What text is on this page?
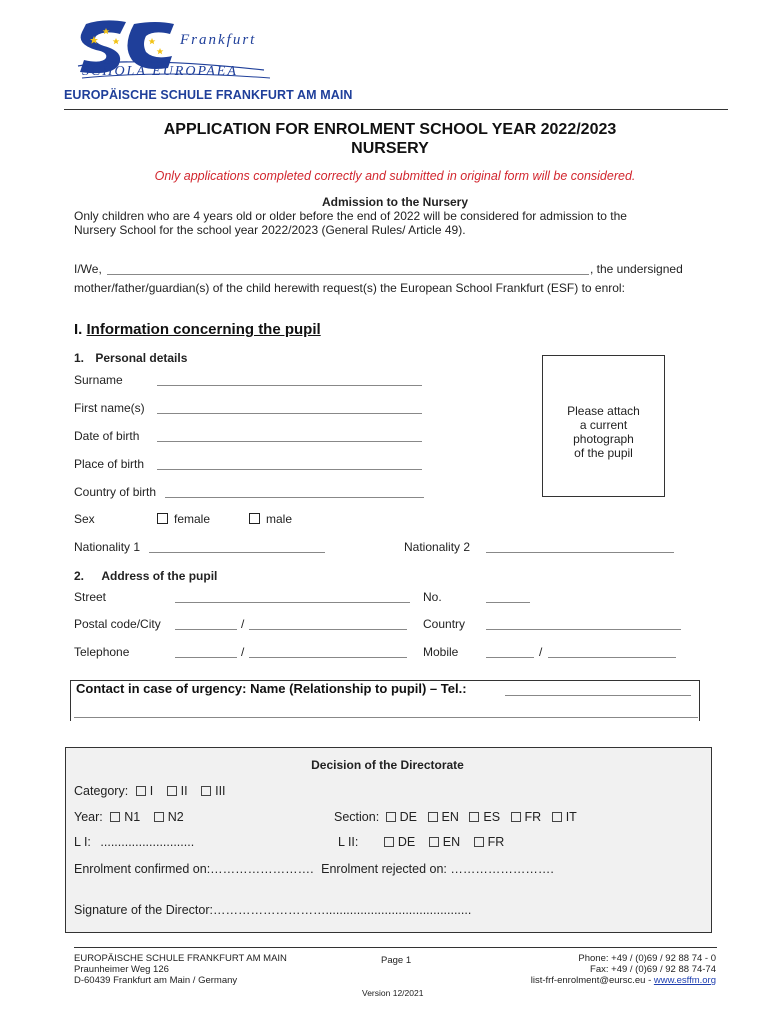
Frankfurt
SCHOLA EUROPAEA
EUROPÄISCHE SCHULE FRANKFURT AM MAIN
APPLICATION FOR ENROLMENT SCHOOL YEAR 2022/2023
NURSERY
Only applications completed correctly and submitted in original form will be considered.
Admission to the Nursery
Only children who are 4 years old or older before the end of 2022 will be considered for admission to the
Nursery School for the school year 2022/2023 (General Rules/ Article 49).
I/We,	, the undersigned
mother/father/guardian(s) of the child herewith request(s) the European School Frankfurt (ESF) to enrol:
I. Information concerning the pupil
1. Personal details
Surname
First name(s)
Date of birth
Place of birth
Country of birth
Please attach
a current
photograph
of the pupil
Sex	female	male
Nationality 1	Nationality 2
2. Address of the pupil
Street	No.
Postal code/City	/	Country
Telephone	/	Mobile	/
Contact in case of urgency: Name (Relationship to pupil) – Tel.:
Decision of the Directorate
Category: I II III
Year: N1 N2	Section: DE EN ES FR IT
L I: ...........................	L II:	DE EN FR
Enrolment confirmed on:……………………. Enrolment rejected on: …………………….
Signature of the Director:………………………..........................................
EUROPÄISCHE SCHULE FRANKFURT AM MAIN
Praunheimer Weg 126
D-60439 Frankfurt am Main / Germany
Page 1
Version 12/2021
Phone: +49 / (0)69 / 92 88 74 - 0
Fax: +49 / (0)69 / 92 88 74-74
list-frf-enrolment@eursc.eu - www.esffm.org
